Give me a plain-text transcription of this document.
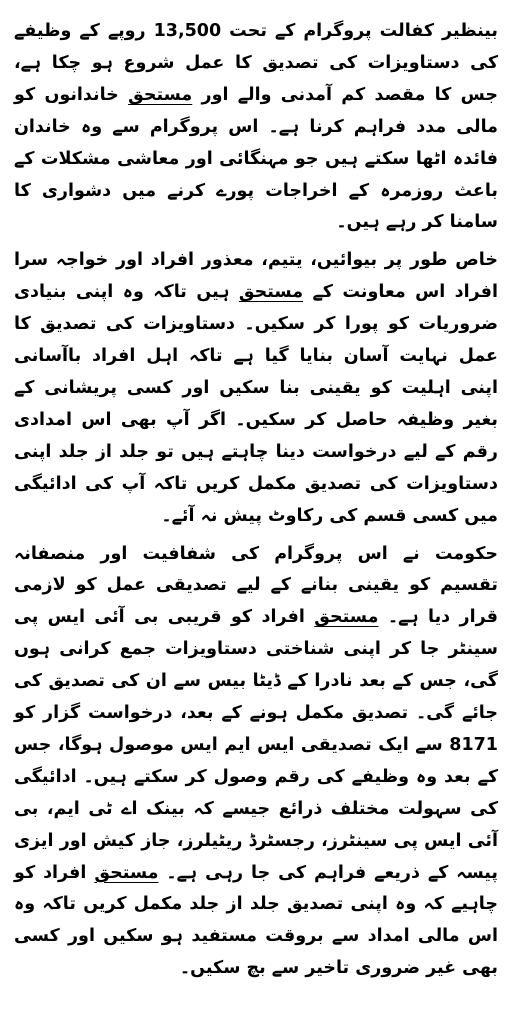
بینظیر کفالت پروگرام کے تحت 13,500 روپے کے وظیفے کی دستاویزات کی تصدیق کا عمل شروع ہو چکا ہے، جس کا مقصد کم آمدنی والے اور مستحق خاندانوں کو مالی مدد فراہم کرنا ہے۔ اس پروگرام سے وہ خاندان فائدہ اٹھا سکتے ہیں جو مہنگائی اور معاشی مشکلات کے باعث روزمرہ کے اخراجات پورے کرنے میں دشواری کا سامنا کر رہے ہیں۔

خاص طور پر بیوائیں، یتیم، معذور افراد اور خواجہ سرا افراد اس معاونت کے مستحق ہیں تاکہ وہ اپنی بنیادی ضروریات کو پورا کر سکیں۔ دستاویزات کی تصدیق کا عمل نہایت آسان بنایا گیا ہے تاکہ اہل افراد باآسانی اپنی اہلیت کو یقینی بنا سکیں اور کسی پریشانی کے بغیر وظیفہ حاصل کر سکیں۔ اگر آپ بھی اس امدادی رقم کے لیے درخواست دینا چاہتے ہیں تو جلد از جلد اپنی دستاویزات کی تصدیق مکمل کریں تاکہ آپ کی ادائیگی میں کسی قسم کی رکاوٹ پیش نہ آئے۔

حکومت نے اس پروگرام کی شفافیت اور منصفانہ تقسیم کو یقینی بنانے کے لیے تصدیقی عمل کو لازمی قرار دیا ہے۔ مستحق افراد کو قریبی بی آئی ایس پی سینٹر جا کر اپنی شناختی دستاویزات جمع کرانی ہوں گی، جس کے بعد نادرا کے ڈیٹا بیس سے ان کی تصدیق کی جائے گی۔ تصدیق مکمل ہونے کے بعد، درخواست گزار کو 8171 سے ایک تصدیقی ایس ایم ایس موصول ہوگا، جس کے بعد وہ وظیفے کی رقم وصول کر سکتے ہیں۔ ادائیگی کی سہولت مختلف ذرائع جیسے کہ بینک اے ٹی ایم، بی آئی ایس پی سینٹرز، رجسٹرڈ ریٹیلرز، جاز کیش اور ایزی پیسہ کے ذریعے فراہم کی جا رہی ہے۔ مستحق افراد کو چاہیے کہ وہ اپنی تصدیق جلد از جلد مکمل کریں تاکہ وہ اس مالی امداد سے بروقت مستفید ہو سکیں اور کسی بھی غیر ضروری تاخیر سے بچ سکیں۔
